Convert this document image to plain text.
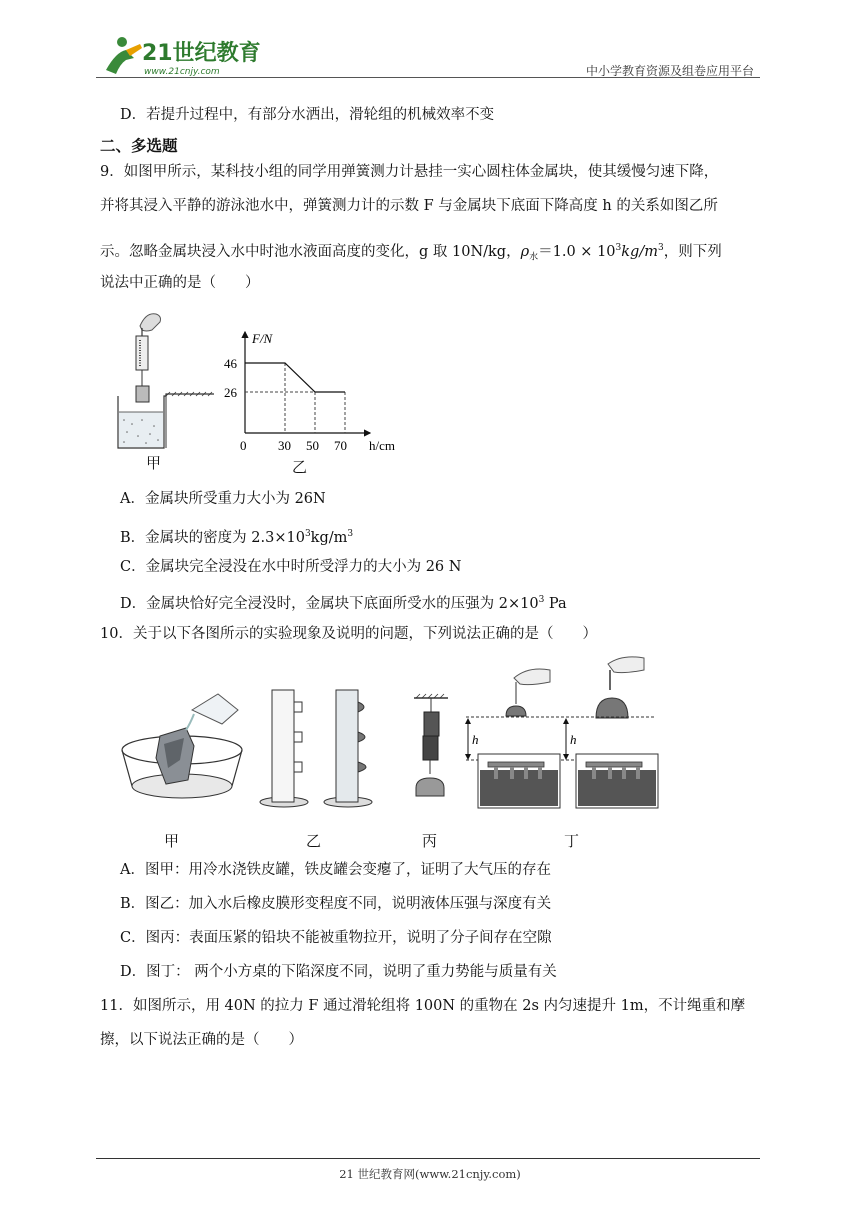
21世纪教育
www.21cnjy.com	中小学教育资源及组卷应用平台
D．若提升过程中，有部分水洒出，滑轮组的机械效率不变
二、多选题
9．如图甲所示，某科技小组的同学用弹簧测力计悬挂一实心圆柱体金属块，使其缓慢匀速下降，
并将其浸入平静的游泳池水中，弹簧测力计的示数 F 与金属块下底面下降高度 h 的关系如图乙所
示。忽略金属块浸入水中时池水液面高度的变化，g 取 10N/kg，$\rho_水=1.0 \times 10^3kg/m^3$，则下列
说法中正确的是（　　）
甲
F/N
h/cm
46
26
0 30 50 70
乙
A．金属块所受重力大小为 26N
B．金属块的密度为 $2.3\times 10^3kg/m^3$
C．金属块完全浸没在水中时所受浮力的大小为 26 N
D．金属块恰好完全浸没时，金属块下底面所受水的压强为 $2\times 10^3$ Pa
10．关于以下各图所示的实验现象及说明的问题，下列说法正确的是（　　）
甲	乙	丙
h	h
丁
A．图甲：用冷水浇铁皮罐，铁皮罐会变瘪了，证明了大气压的存在
B．图乙：加入水后橡皮膜形变程度不同，说明液体压强与深度有关
C．图丙：表面压紧的铅块不能被重物拉开，说明了分子间存在空隙
D．图丁： 两个小方桌的下陷深度不同，说明了重力势能与质量有关
11．如图所示，用 40N 的拉力 F 通过滑轮组将 100N 的重物在 2s 内匀速提升 1m，不计绳重和摩
擦，以下说法正确的是（　　）
21 世纪教育网(www.21cnjy.com)
